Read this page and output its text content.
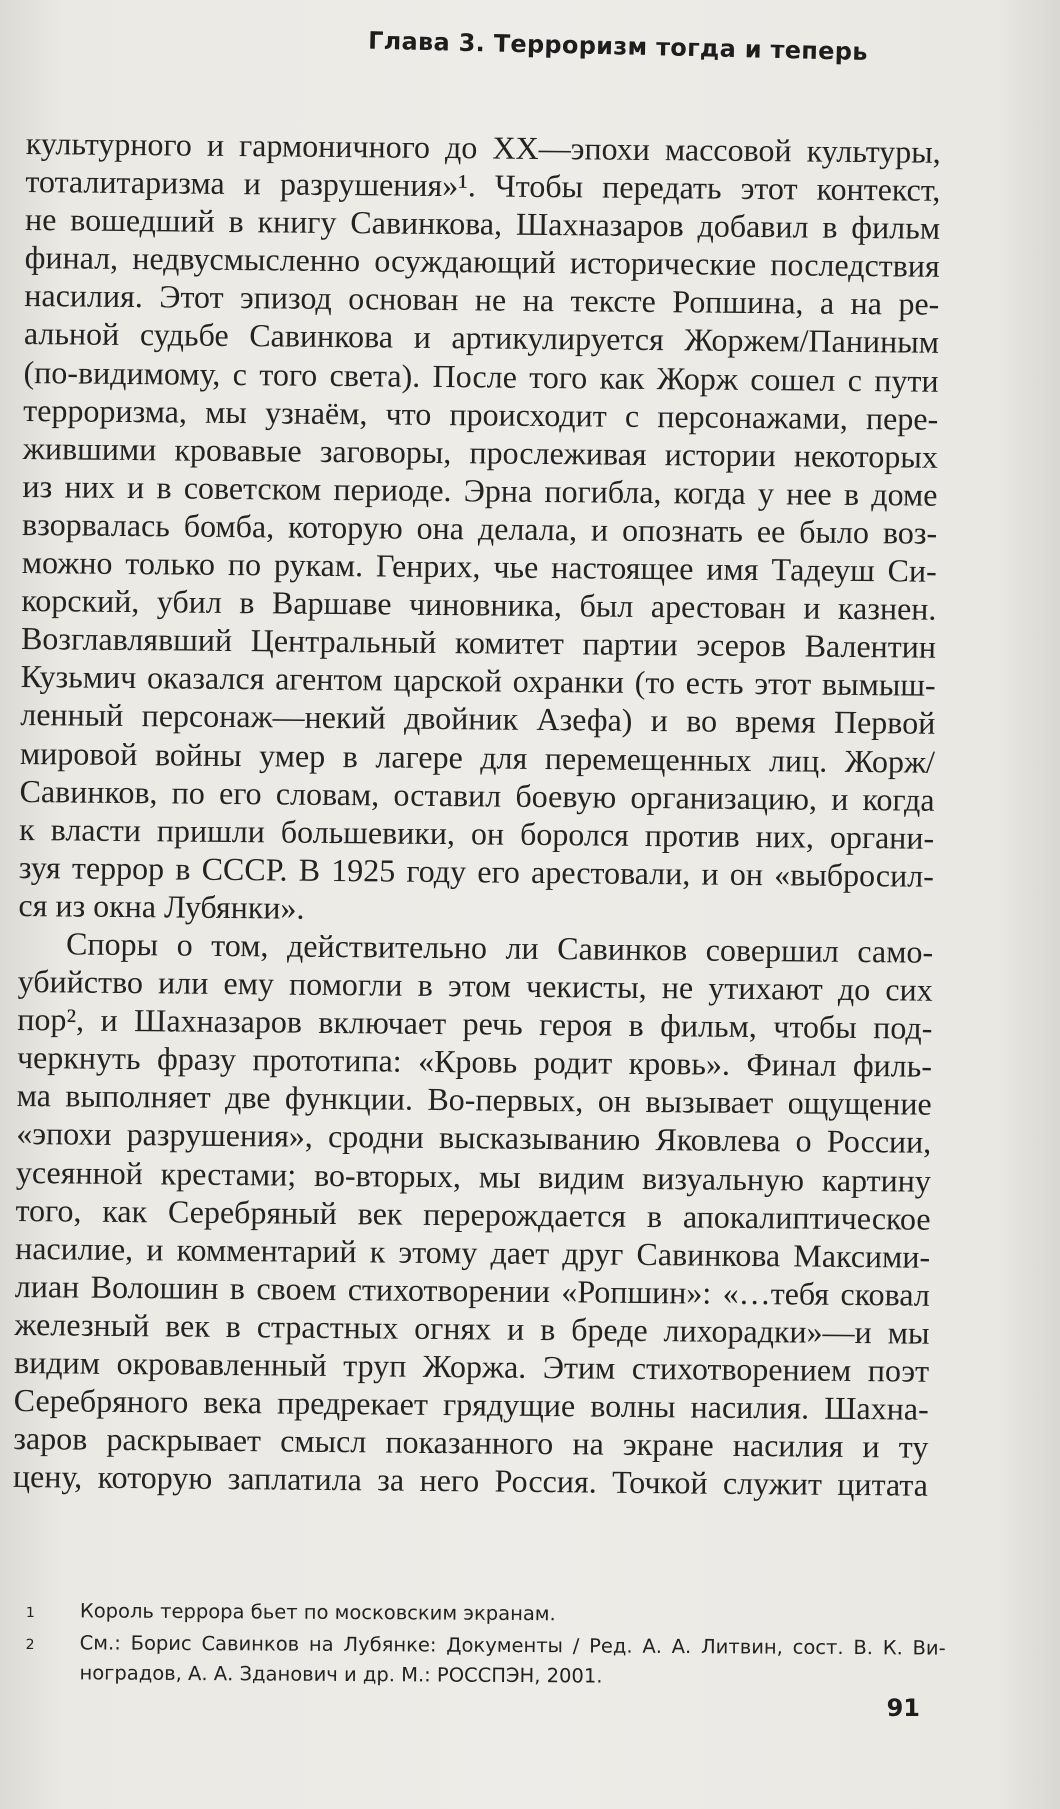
Глава 3. Терроризм тогда и теперь
культурного и гармоничного до XX—эпохи массовой культуры,
тоталитаризма и разрушения»¹. Чтобы передать этот контекст,
не вошедший в книгу Савинкова, Шахназаров добавил в фильм
финал, недвусмысленно осуждающий исторические последствия
насилия. Этот эпизод основан не на тексте Ропшина, а на ре-
альной судьбе Савинкова и артикулируется Жоржем/Паниным
(по-видимому, с того света). После того как Жорж сошел с пути
терроризма, мы узнаём, что происходит с персонажами, пере-
жившими кровавые заговоры, прослеживая истории некоторых
из них и в советском периоде. Эрна погибла, когда у нее в доме
взорвалась бомба, которую она делала, и опознать ее было воз-
можно только по рукам. Генрих, чье настоящее имя Тадеуш Си-
корский, убил в Варшаве чиновника, был арестован и казнен.
Возглавлявший Центральный комитет партии эсеров Валентин
Кузьмич оказался агентом царской охранки (то есть этот вымыш-
ленный персонаж—некий двойник Азефа) и во время Первой
мировой войны умер в лагере для перемещенных лиц. Жорж/
Савинков, по его словам, оставил боевую организацию, и когда
к власти пришли большевики, он боролся против них, органи-
зуя террор в СССР. В 1925 году его арестовали, и он «выбросил-
ся из окна Лубянки».
Споры о том, действительно ли Савинков совершил само-
убийство или ему помогли в этом чекисты, не утихают до сих
пор², и Шахназаров включает речь героя в фильм, чтобы под-
черкнуть фразу прототипа: «Кровь родит кровь». Финал филь-
ма выполняет две функции. Во-первых, он вызывает ощущение
«эпохи разрушения», сродни высказыванию Яковлева о России,
усеянной крестами; во-вторых, мы видим визуальную картину
того, как Серебряный век перерождается в апокалиптическое
насилие, и комментарий к этому дает друг Савинкова Максими-
лиан Волошин в своем стихотворении «Ропшин»: «…тебя сковал
железный век в страстных огнях и в бреде лихорадки»—и мы
видим окровавленный труп Жоржа. Этим стихотворением поэт
Серебряного века предрекает грядущие волны насилия. Шахна-
заров раскрывает смысл показанного на экране насилия и ту
цену, которую заплатила за него Россия. Точкой служит цитата
1	Король террора бьет по московским экранам.
2	См.: Борис Савинков на Лубянке: Документы / Ред. А. А. Литвин, сост. В. К. Ви-
ноградов, А. А. Зданович и др. М.: РОССПЭН, 2001.
91
